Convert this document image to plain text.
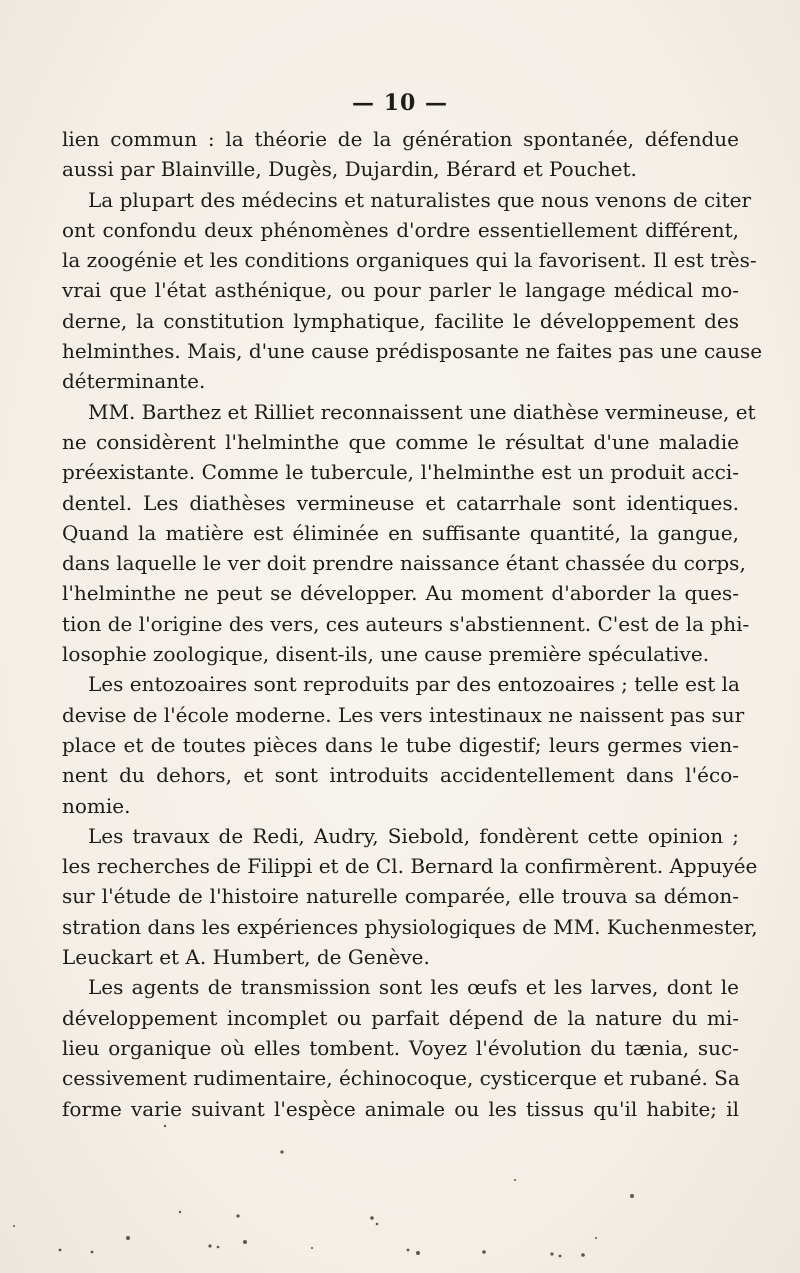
— 10 —
lien commun : la théorie de la génération spontanée, défendue
aussi par Blainville, Dugès, Dujardin, Bérard et Pouchet.
La plupart des médecins et naturalistes que nous venons de citer
ont confondu deux phénomènes d'ordre essentiellement différent,
la zoogénie et les conditions organiques qui la favorisent. Il est très-
vrai que l'état asthénique, ou pour parler le langage médical mo-
derne, la constitution lymphatique, facilite le développement des
helminthes. Mais, d'une cause prédisposante ne faites pas une cause
déterminante.
MM. Barthez et Rilliet reconnaissent une diathèse vermineuse, et
ne considèrent l'helminthe que comme le résultat d'une maladie
préexistante. Comme le tubercule, l'helminthe est un produit acci-
dentel. Les diathèses vermineuse et catarrhale sont identiques.
Quand la matière est éliminée en suffisante quantité, la gangue,
dans laquelle le ver doit prendre naissance étant chassée du corps,
l'helminthe ne peut se développer. Au moment d'aborder la ques-
tion de l'origine des vers, ces auteurs s'abstiennent. C'est de la phi-
losophie zoologique, disent-ils, une cause première spéculative.
Les entozoaires sont reproduits par des entozoaires ; telle est la
devise de l'école moderne. Les vers intestinaux ne naissent pas sur
place et de toutes pièces dans le tube digestif; leurs germes vien-
nent du dehors, et sont introduits accidentellement dans l'éco-
nomie.
Les travaux de Redi, Audry, Siebold, fondèrent cette opinion ;
les recherches de Filippi et de Cl. Bernard la confirmèrent. Appuyée
sur l'étude de l'histoire naturelle comparée, elle trouva sa démon-
stration dans les expériences physiologiques de MM. Kuchenmester,
Leuckart et A. Humbert, de Genève.
Les agents de transmission sont les œufs et les larves, dont le
développement incomplet ou parfait dépend de la nature du mi-
lieu organique où elles tombent. Voyez l'évolution du tænia, suc-
cessivement rudimentaire, échinocoque, cysticerque et rubané. Sa
forme varie suivant l'espèce animale ou les tissus qu'il habite; il
